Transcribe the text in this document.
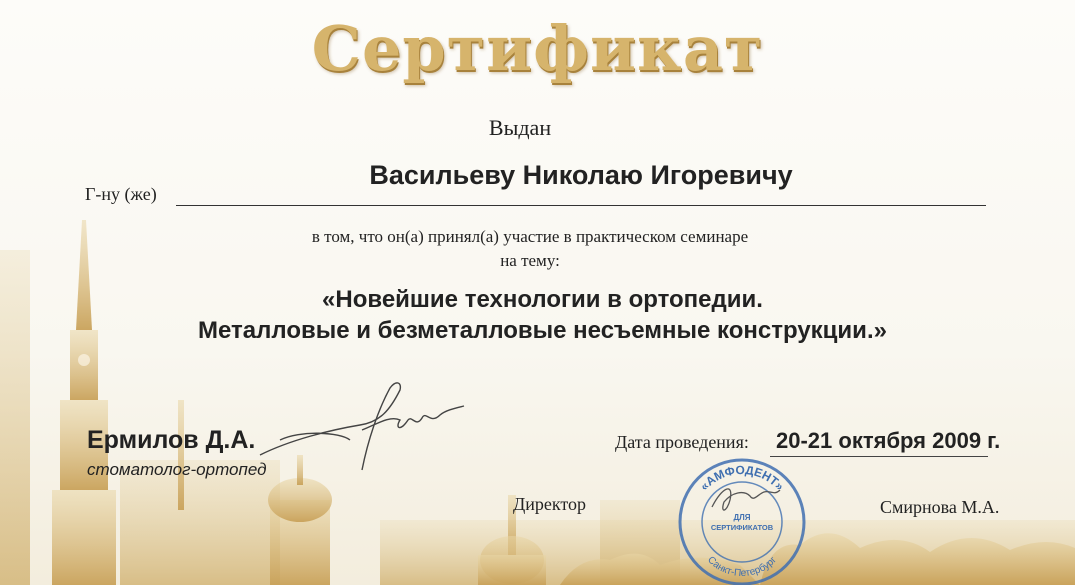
Сертификат
Выдан
Г-ну (же)
Васильеву Николаю Игоревичу
в том, что он(а) принял(а) участие в практическом семинаре
на тему:
«Новейшие технологии в ортопедии.
Металловые и безметалловые несъемные конструкции.»
Ермилов Д.А.
стоматолог-ортопед
Дата проведения: 20-21 октября 2009 г.
Директор	Смирнова М.А.
«АМФОДЕНТ»
Санкт-Петербург
ДЛЯ
СЕРТИФИКАТОВ
